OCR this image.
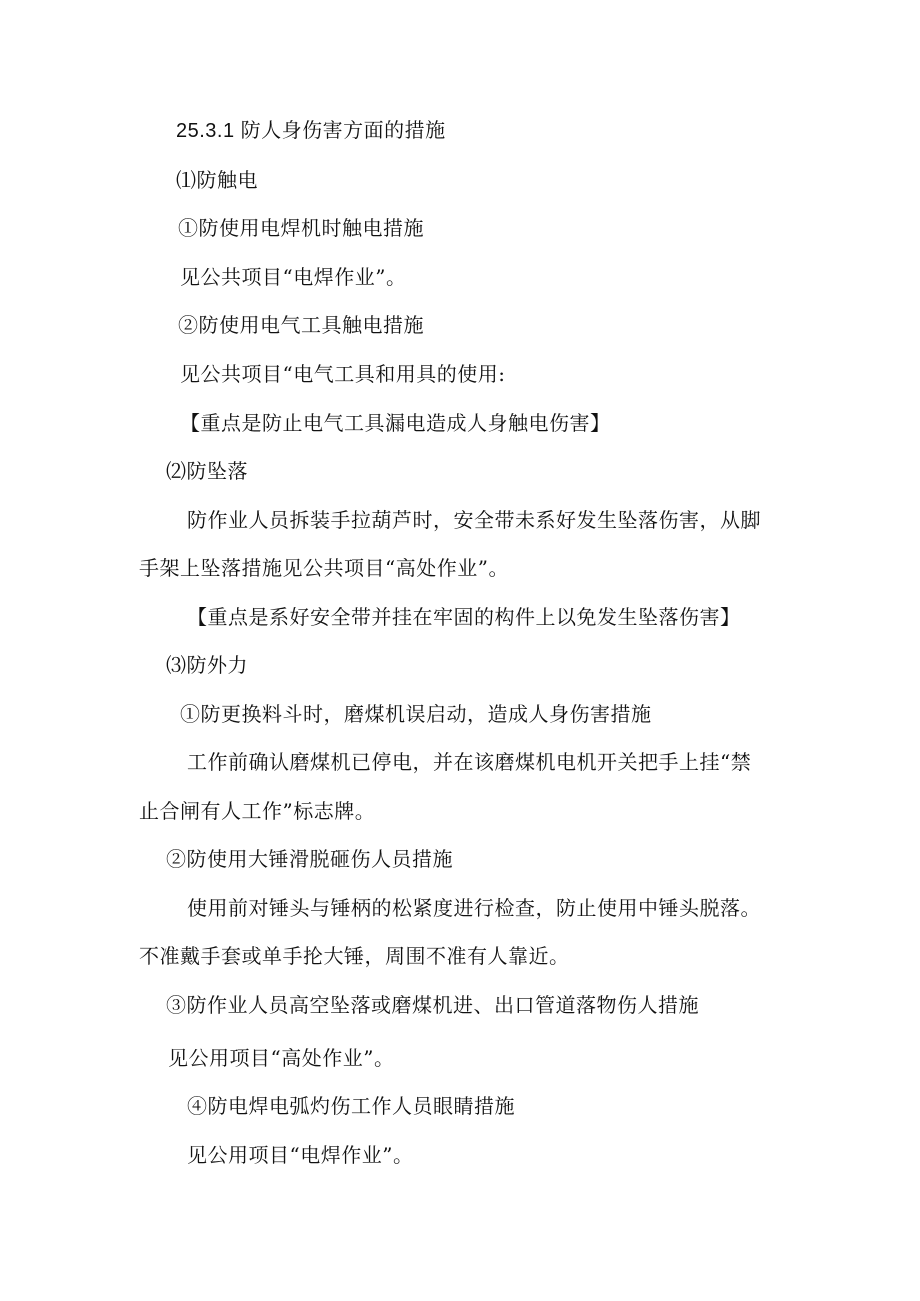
25.3.1 防人身伤害方面的措施
⑴防触电
①防使用电焊机时触电措施
见公共项目“电焊作业”。
②防使用电气工具触电措施
见公共项目“电气工具和用具的使用:
【重点是防止电气工具漏电造成人身触电伤害】
⑵防坠落
防作业人员拆装手拉葫芦时，安全带未系好发生坠落伤害，从脚
手架上坠落措施见公共项目“高处作业”。
【重点是系好安全带并挂在牢固的构件上以免发生坠落伤害】
⑶防外力
①防更换料斗时，磨煤机误启动，造成人身伤害措施
工作前确认磨煤机已停电，并在该磨煤机电机开关把手上挂“禁
止合闸有人工作”标志牌。
②防使用大锤滑脱砸伤人员措施
使用前对锤头与锤柄的松紧度进行检查，防止使用中锤头脱落。
不准戴手套或单手抡大锤，周围不准有人靠近。
③防作业人员高空坠落或磨煤机进、出口管道落物伤人措施
见公用项目“高处作业”。
④防电焊电弧灼伤工作人员眼睛措施
见公用项目“电焊作业”。
